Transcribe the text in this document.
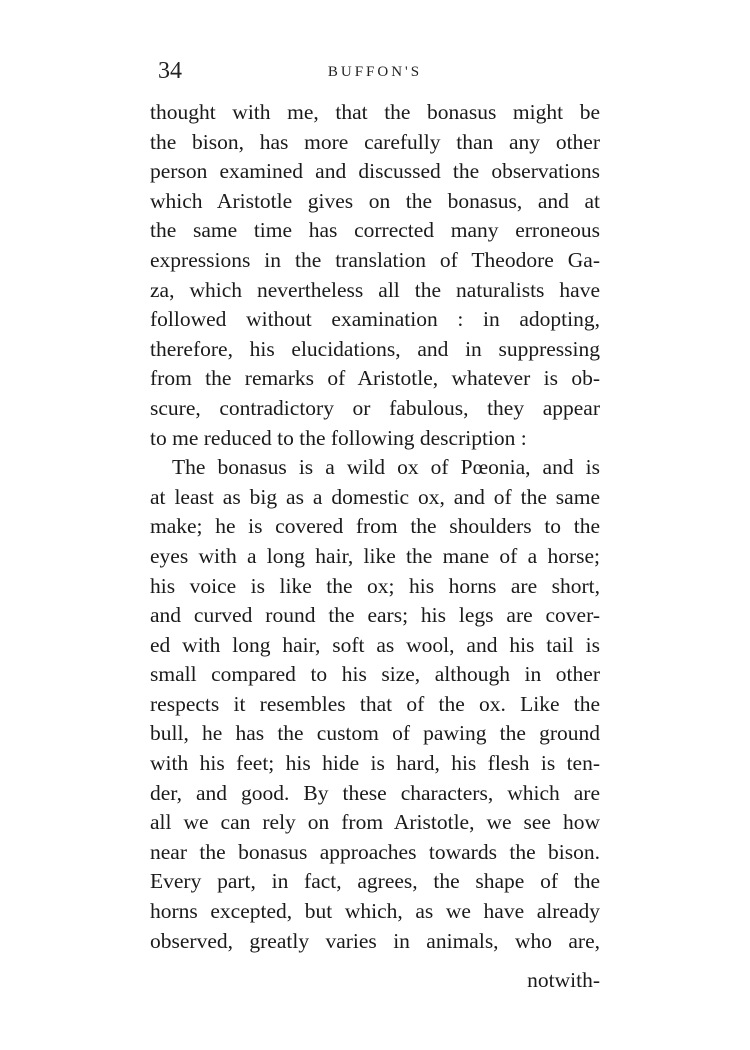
34	BUFFON'S
thought with me, that the bonasus might be
the bison, has more carefully than any other
person examined and discussed the observations
which Aristotle gives on the bonasus, and at
the same time has corrected many erroneous
expressions in the translation of Theodore Ga-
za, which nevertheless all the naturalists have
followed without examination : in adopting,
therefore, his elucidations, and in suppressing
from the remarks of Aristotle, whatever is ob-
scure, contradictory or fabulous, they appear
to me reduced to the following description :
The bonasus is a wild ox of Pœonia, and is
at least as big as a domestic ox, and of the same
make; he is covered from the shoulders to the
eyes with a long hair, like the mane of a horse;
his voice is like the ox; his horns are short,
and curved round the ears; his legs are cover-
ed with long hair, soft as wool, and his tail is
small compared to his size, although in other
respects it resembles that of the ox. Like the
bull, he has the custom of pawing the ground
with his feet; his hide is hard, his flesh is ten-
der, and good. By these characters, which are
all we can rely on from Aristotle, we see how
near the bonasus approaches towards the bison.
Every part, in fact, agrees, the shape of the
horns excepted, but which, as we have already
observed, greatly varies in animals, who are,
notwith-
